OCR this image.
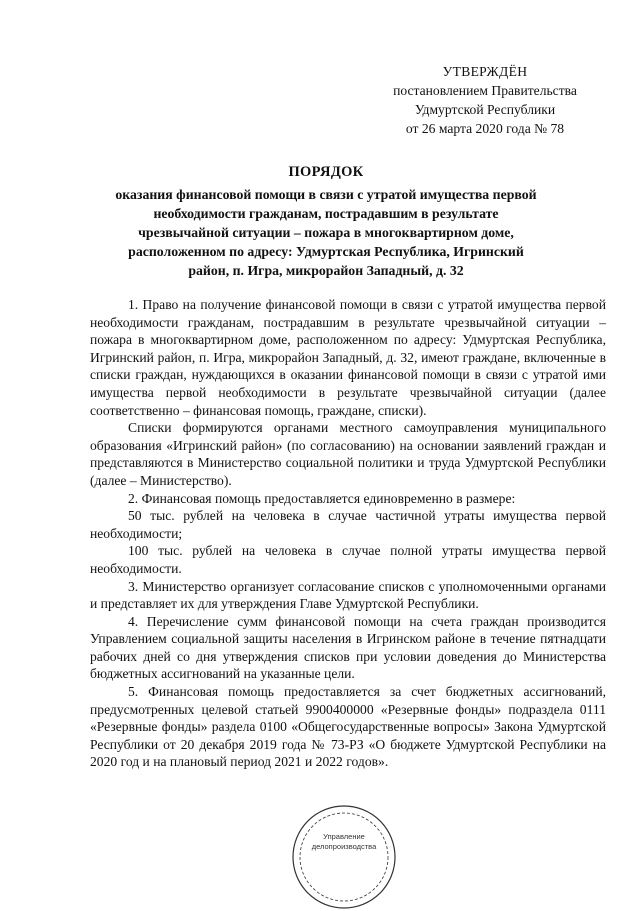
УТВЕРЖДЁН
постановлением Правительства
Удмуртской Республики
от 26 марта 2020 года № 78
ПОРЯДОК
оказания финансовой помощи в связи с утратой имущества первой необходимости гражданам, пострадавшим в результате чрезвычайной ситуации – пожара в многоквартирном доме, расположенном по адресу: Удмуртская Республика, Игринский район, п. Игра, микрорайон Западный, д. 32

1. Право на получение финансовой помощи в связи с утратой имущества первой необходимости гражданам, пострадавшим в результате чрезвычайной ситуации – пожара в многоквартирном доме, расположенном по адресу: Удмуртская Республика, Игринский район, п. Игра, микрорайон Западный, д. 32, имеют граждане, включенные в списки граждан, нуждающихся в оказании финансовой помощи в связи с утратой ими имущества первой необходимости в результате чрезвычайной ситуации (далее соответственно – финансовая помощь, граждане, списки).

Списки формируются органами местного самоуправления муниципального образования «Игринский район» (по согласованию) на основании заявлений граждан и представляются в Министерство социальной политики и труда Удмуртской Республики (далее – Министерство).

2. Финансовая помощь предоставляется единовременно в размере:

50 тыс. рублей на человека в случае частичной утраты имущества первой необходимости;

100 тыс. рублей на человека в случае полной утраты имущества первой необходимости.

3. Министерство организует согласование списков с уполномоченными органами и представляет их для утверждения Главе Удмуртской Республики.

4. Перечисление сумм финансовой помощи на счета граждан производится Управлением социальной защиты населения в Игринском районе в течение пятнадцати рабочих дней со дня утверждения списков при условии доведения до Министерства бюджетных ассигнований на указанные цели.

5. Финансовая помощь предоставляется за счет бюджетных ассигнований, предусмотренных целевой статьей 9900400000 «Резервные фонды» подраздела 0111 «Резервные фонды» раздела 0100 «Общегосударственные вопросы» Закона Удмуртской Республики от 20 декабря 2019 года № 73-РЗ «О бюджете Удмуртской Республики на 2020 год и на плановый период 2021 и 2022 годов».

Управление
делопроизводства
